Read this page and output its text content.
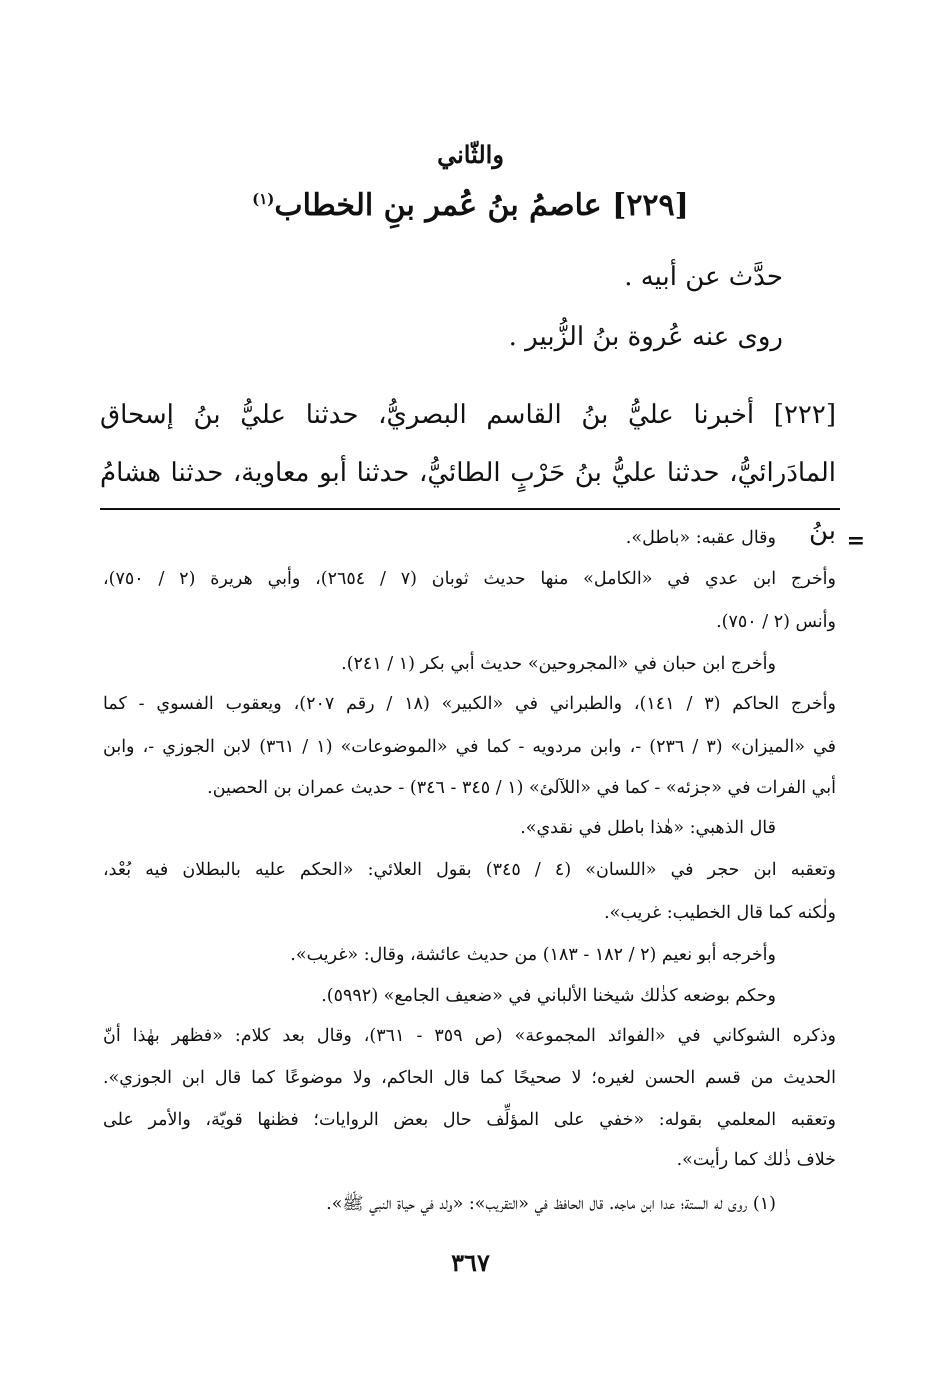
والثّاني
[٢٢٩] عاصمُ بنُ عُمر بنِ الخطاب$^{(١)}$
حدَّث عن أبيه .
روى عنه عُروة بنُ الزُّبير .
[٢٢٢] أخبرنا عليُّ بنُ القاسم البصريُّ، حدثنا عليُّ بنُ إسحاق
المادَرائيُّ، حدثنا عليُّ بنُ حَرْبٍ الطائيُّ، حدثنا أبو معاوية، حدثنا هشامُ بنُ =
وقال عقبه: «باطل».
وأخرج ابن عدي في «الكامل» منها حديث ثوبان (٧ / ٢٦٥٤)، وأبي هريرة (٢ / ٧٥٠)،
وأنس (٢ / ٧٥٠).
وأخرج ابن حبان في «المجروحين» حديث أبي بكر (١ / ٢٤١).
وأخرج الحاكم (٣ / ١٤١)، والطبراني في «الكبير» (١٨ / رقم ٢٠٧)، ويعقوب الفسوي - كما
في «الميزان» (٣ / ٢٣٦) -، وابن مردويه - كما في «الموضوعات» (١ / ٣٦١) لابن الجوزي -، وابن
أبي الفرات في «جزئه» - كما في «اللآلئ» (١ / ٣٤٥ - ٣٤٦) - حديث عمران بن الحصين.
قال الذهبي: «هٰذا باطل في نقدي».
وتعقبه ابن حجر في «اللسان» (٤ / ٣٤٥) بقول العلائي: «الحكم عليه بالبطلان فيه بُعْد،
ولٰكنه كما قال الخطيب: غريب».
وأخرجه أبو نعيم (٢ / ١٨٢ - ١٨٣) من حديث عائشة، وقال: «غريب».
وحكم بوضعه كذٰلك شيخنا الألباني في «ضعيف الجامع» (٥٩٩٢).
وذكره الشوكاني في «الفوائد المجموعة» (ص ٣٥٩ - ٣٦١)، وقال بعد كلام: «فظهر بهٰذا أنّ
الحديث من قسم الحسن لغيره؛ لا صحيحًا كما قال الحاكم، ولا موضوعًا كما قال ابن الجوزي».
وتعقبه المعلمي بقوله: «خفي على المؤلِّف حال بعض الروايات؛ فظنها قويّة، والأمر على
خلاف ذٰلك كما رأيت».
(١) روى له الستة؛ عدا ابن ماجه. قال الحافظ في «التقريب»: «ولد في حياة النبي ﷺ».
٣٦٧
